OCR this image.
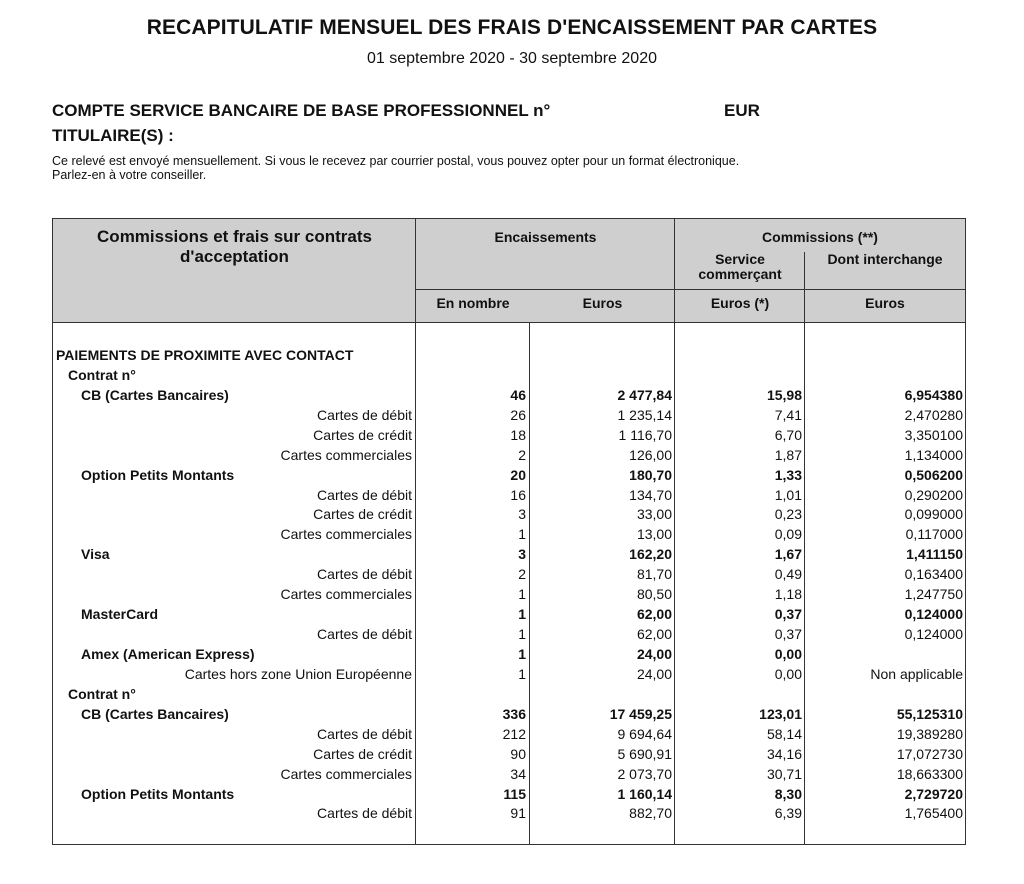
RECAPITULATIF MENSUEL DES FRAIS D'ENCAISSEMENT PAR CARTES
01 septembre 2020 - 30 septembre 2020
COMPTE SERVICE BANCAIRE DE BASE PROFESSIONNEL n°	EUR
TITULAIRE(S) :
Ce relevé est envoyé mensuellement. Si vous le recevez par courrier postal, vous pouvez opter pour un format électronique.
Parlez-en à votre conseiller.
Commissions et frais sur contrats d'acceptation
Encaissements	Commissions (**)
Service commerçant
Dont interchange
En nombre	Euros	Euros (*)	Euros
PAIEMENTS DE PROXIMITE AVEC CONTACT
Contrat n°
CB (Cartes Bancaires)	46	2 477,84	15,98	6,954380
Cartes de débit	26	1 235,14	7,41	2,470280
Cartes de crédit	18	1 116,70	6,70	3,350100
Cartes commerciales	2	126,00	1,87	1,134000
Option Petits Montants	20	180,70	1,33	0,506200
Cartes de débit	16	134,70	1,01	0,290200
Cartes de crédit	3	33,00	0,23	0,099000
Cartes commerciales	1	13,00	0,09	0,117000
Visa	3	162,20	1,67	1,411150
Cartes de débit	2	81,70	0,49	0,163400
Cartes commerciales	1	80,50	1,18	1,247750
MasterCard	1	62,00	0,37	0,124000
Cartes de débit	1	62,00	0,37	0,124000
Amex (American Express)	1	24,00	0,00
Cartes hors zone Union Européenne	1	24,00	0,00	Non applicable
Contrat n°
CB (Cartes Bancaires)	336	17 459,25	123,01	55,125310
Cartes de débit	212	9 694,64	58,14	19,389280
Cartes de crédit	90	5 690,91	34,16	17,072730
Cartes commerciales	34	2 073,70	30,71	18,663300
Option Petits Montants	115	1 160,14	8,30	2,729720
Cartes de débit	91	882,70	6,39	1,765400
